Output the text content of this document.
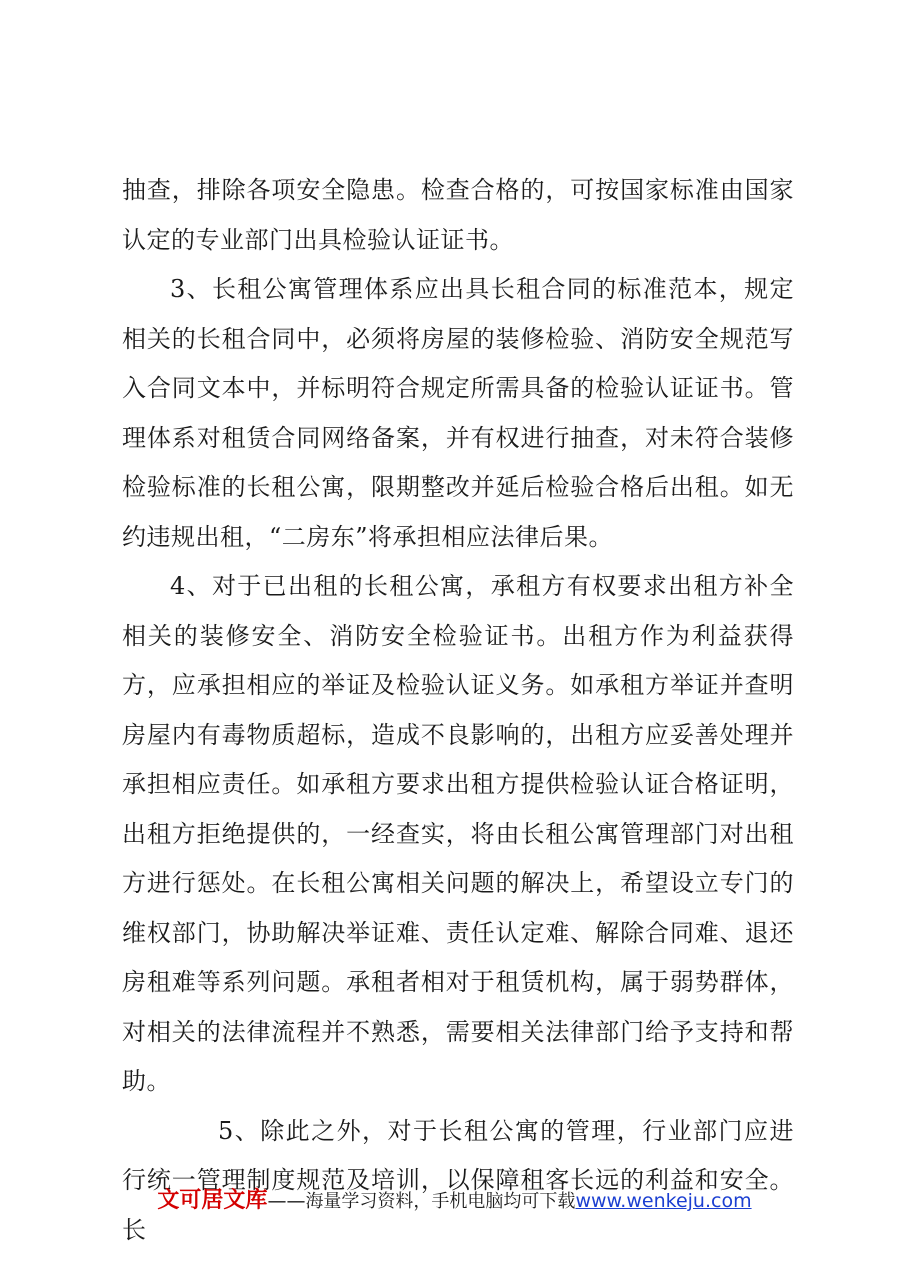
抽查，排除各项安全隐患。检查合格的，可按国家标准由国家认定的专业部门出具检验认证证书。

3、长租公寓管理体系应出具长租合同的标准范本，规定相关的长租合同中，必须将房屋的装修检验、消防安全规范写入合同文本中，并标明符合规定所需具备的检验认证证书。管理体系对租赁合同网络备案，并有权进行抽查，对未符合装修检验标准的长租公寓，限期整改并延后检验合格后出租。如无约违规出租，“二房东”将承担相应法律后果。

4、对于已出租的长租公寓，承租方有权要求出租方补全相关的装修安全、消防安全检验证书。出租方作为利益获得方，应承担相应的举证及检验认证义务。如承租方举证并查明房屋内有毒物质超标，造成不良影响的，出租方应妥善处理并承担相应责任。如承租方要求出租方提供检验认证合格证明，出租方拒绝提供的，一经查实，将由长租公寓管理部门对出租方进行惩处。在长租公寓相关问题的解决上，希望设立专门的维权部门，协助解决举证难、责任认定难、解除合同难、退还房租难等系列问题。承租者相对于租赁机构，属于弱势群体，对相关的法律流程并不熟悉，需要相关法律部门给予支持和帮助。

5、除此之外，对于长租公寓的管理，行业部门应进行统一管理制度规范及培训，以保障租客长远的利益和安全。长

文可居文库——海量学习资料，手机电脑均可下载www.wenkeju.com
